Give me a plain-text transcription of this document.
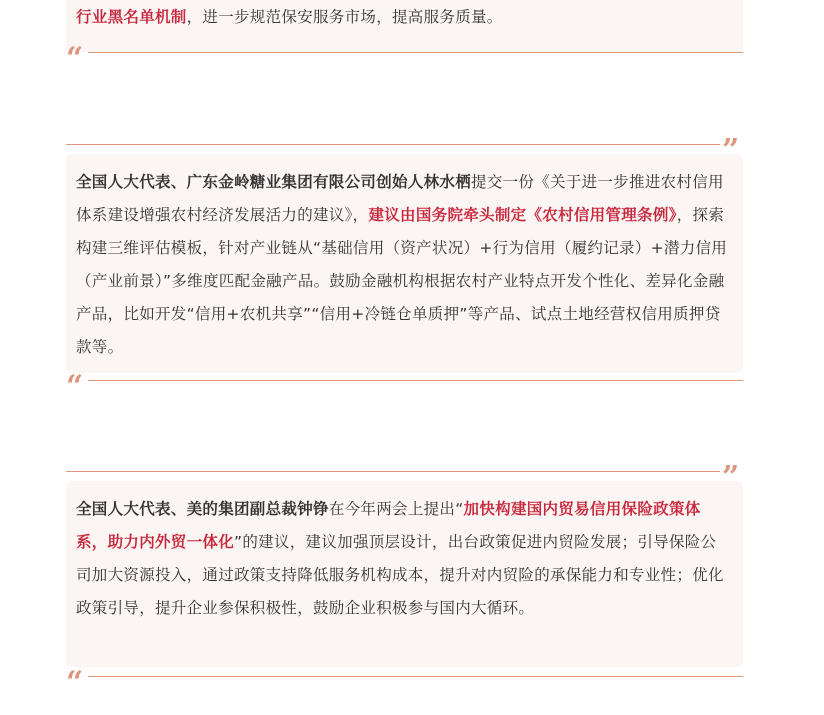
行业黑名单机制，进一步规范保安服务市场，提高服务质量。
“
”
全国人大代表、广东金岭糖业集团有限公司创始人林水栖提交一份《关于进一步推进农村信用体系建设增强农村经济发展活力的建议》，建议由国务院牵头制定《农村信用管理条例》，探索构建三维评估模板，针对产业链从“基础信用（资产状况）+行为信用（履约记录）+潜力信用（产业前景）”多维度匹配金融产品。鼓励金融机构根据农村产业特点开发个性化、差异化金融产品，比如开发“信用+农机共享”“信用+冷链仓单质押”等产品、试点土地经营权信用质押贷款等。
“
”
全国人大代表、美的集团副总裁钟铮在今年两会上提出“加快构建国内贸易信用保险政策体系，助力内外贸一体化”的建议，建议加强顶层设计，出台政策促进内贸险发展；引导保险公司加大资源投入，通过政策支持降低服务机构成本，提升对内贸险的承保能力和专业性；优化政策引导，提升企业参保积极性，鼓励企业积极参与国内大循环。
“
